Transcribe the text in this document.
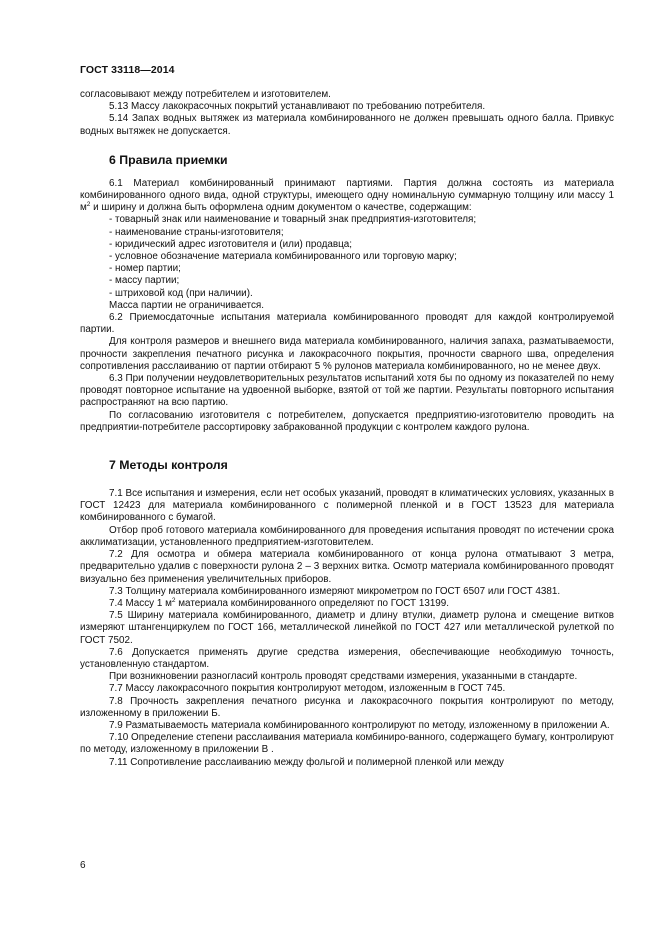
ГОСТ 33118—2014

согласовывают между потребителем и изготовителем.

5.13 Массу лакокрасочных покрытий устанавливают по требованию потребителя.

5.14 Запах водных вытяжек из материала комбинированного не должен превышать одного балла. Привкус водных вытяжек не допускается.

6 Правила приемки

6.1 Материал комбинированный принимают партиями. Партия должна состоять из материала комбинированного одного вида, одной структуры, имеющего одну номинальную суммарную толщину или массу 1 $м^2$ и ширину и должна быть оформлена одним документом о качестве, содержащим:

- товарный знак или наименование и товарный знак предприятия-изготовителя;

- наименование страны-изготовителя;

- юридический адрес изготовителя и (или) продавца;

- условное обозначение материала комбинированного или торговую марку;

- номер партии;

- массу партии;

- штриховой код (при наличии).

Масса партии не ограничивается.

6.2 Приемосдаточные испытания материала комбинированного проводят для каждой контролируемой партии.

Для контроля размеров и внешнего вида материала комбинированного, наличия запаха, разматываемости, прочности закрепления печатного рисунка и лакокрасочного покрытия, прочности сварного шва, определения сопротивления расслаиванию от партии отбирают 5 % рулонов материала комбинированного, но не менее двух.

6.3 При получении неудовлетворительных результатов испытаний хотя бы по одному из показателей по нему проводят повторное испытание на удвоенной выборке, взятой от той же партии. Результаты повторного испытания распространяют на всю партию.

По согласованию изготовителя с потребителем, допускается предприятию-изготовителю проводить на предприятии-потребителе рассортировку забракованной продукции с контролем каждого рулона.

7 Методы контроля

7.1 Все испытания и измерения, если нет особых указаний, проводят в климатических условиях, указанных в ГОСТ 12423 для материала комбинированного с полимерной пленкой и в ГОСТ 13523 для материала комбинированного с бумагой.

Отбор проб готового материала комбинированного для проведения испытания проводят по истечении срока акклиматизации, установленного предприятием-изготовителем.

7.2 Для осмотра и обмера материала комбинированного от конца рулона отматывают 3 метра, предварительно удалив с поверхности рулона 2 – 3 верхних витка. Осмотр материала комбинированного проводят визуально без применения увеличительных приборов.

7.3 Толщину материала комбинированного измеряют микрометром по ГОСТ 6507 или ГОСТ 4381.

7.4 Массу 1 $м^2$ материала комбинированного определяют по ГОСТ 13199.

7.5 Ширину материала комбинированного, диаметр и длину втулки, диаметр рулона и смещение витков измеряют штангенциркулем по ГОСТ 166, металлической линейкой по ГОСТ 427 или металлической рулеткой по ГОСТ 7502.

7.6 Допускается применять другие средства измерения, обеспечивающие необходимую точность, установленную стандартом.

При возникновении разногласий контроль проводят средствами измерения, указанными в стандарте.

7.7 Массу лакокрасочного покрытия контролируют методом, изложенным в ГОСТ 745.

7.8 Прочность закрепления печатного рисунка и лакокрасочного покрытия контролируют по методу, изложенному в приложении Б.

7.9 Разматываемость материала комбинированного контролируют по методу, изложенному в приложении А.

7.10 Определение степени расслаивания материала комбиниро-ванного, содержащего бумагу, контролируют по методу, изложенному в приложении В .

7.11 Сопротивление расслаиванию между фольгой и полимерной пленкой или между

6
